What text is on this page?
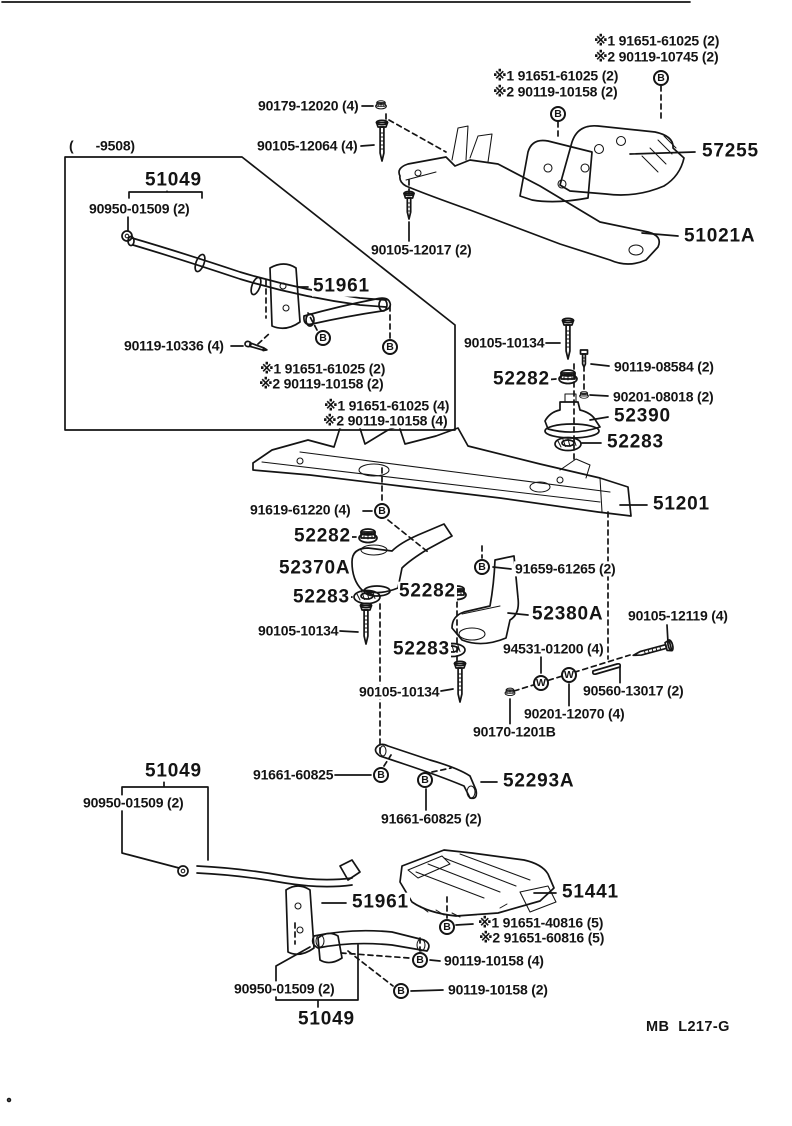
※1 91651-61025 (2)
※2 90119-10745 (2)
※1 91651-61025 (2)
※2 90119-10158 (2)
57255
90179-12020 (4)
90105-12064 (4)
(      -9508)
51049
90950-01509 (2)
90105-12017 (2)
51021A
51961
90119-10336 (4)
※1 91651-61025 (2)
※2 90119-10158 (2)
※1 91651-61025 (4)
※2 90119-10158 (4)
90105-10134
90119-08584 (2)
52282
90201-08018 (2)
52390
52283
51201
91619-61220 (4)
52282
52370A
52283	52282
91659-61265 (2)
52380A 90105-12119 (4)
52283
90105-10134
90105-10134
94531-01200 (4)
90560-13017 (2)
90201-12070 (4)
90170-1201B
91661-60825	52293A
91661-60825 (2)
51049
90950-01509 (2)
51961	51441
※1 91651-40816 (5)
※2 91651-60816 (5)
90119-10158 (4)
90950-01509 (2)	90119-10158 (2)
51049	MB  L217-G
B
B
B
B
B
B
B	B
B
B
B
W
W
